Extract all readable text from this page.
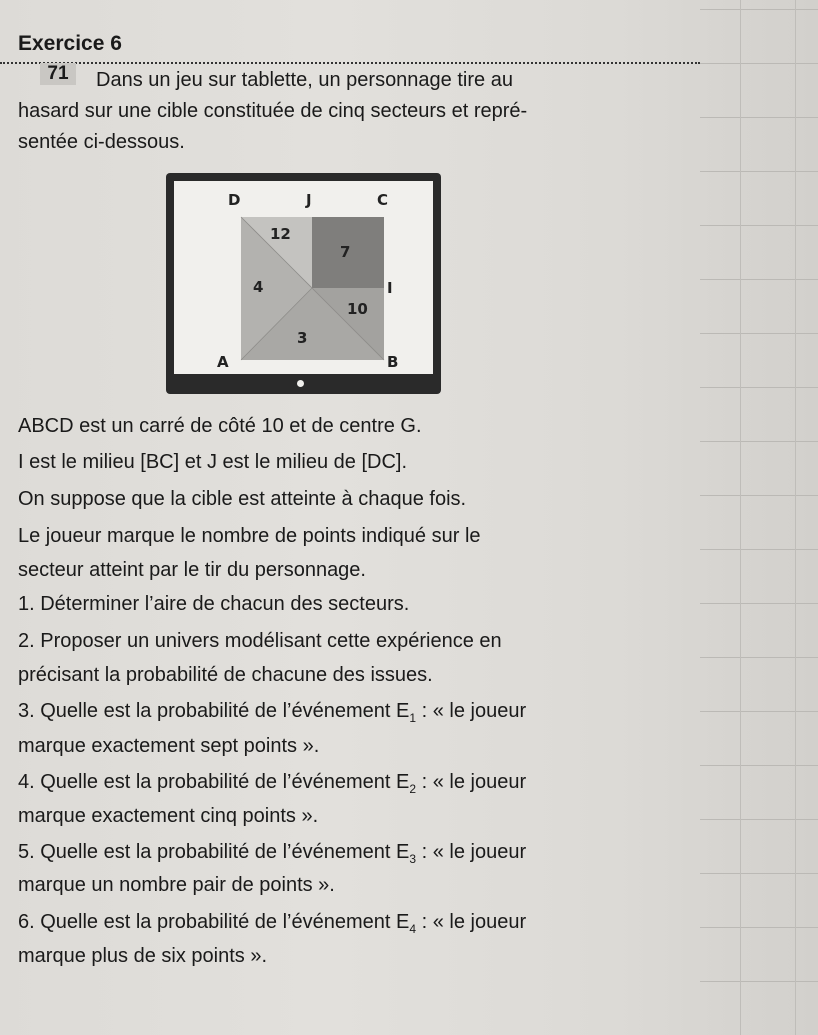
Exercice 6
71	Dans un jeu sur tablette, un personnage tire au
hasard sur une cible constituée de cinq secteurs et repré-
sentée ci-dessous.
D	J	C
I
A	B
12
7
4
10
3
ABCD est un carré de côté 10 et de centre G.
I est le milieu [BC] et J est le milieu de [DC].
On suppose que la cible est atteinte à chaque fois.
Le joueur marque le nombre de points indiqué sur le
secteur atteint par le tir du personnage.
1. Déterminer l’aire de chacun des secteurs.
2. Proposer un univers modélisant cette expérience en
précisant la probabilité de chacune des issues.
3. Quelle est la probabilité de l’événement $E_1$ : « le joueur
marque exactement sept points ».
4. Quelle est la probabilité de l’événement $E_2$ : « le joueur
marque exactement cinq points ».
5. Quelle est la probabilité de l’événement $E_3$ : « le joueur
marque un nombre pair de points ».
6. Quelle est la probabilité de l’événement $E_4$ : « le joueur
marque plus de six points ».
